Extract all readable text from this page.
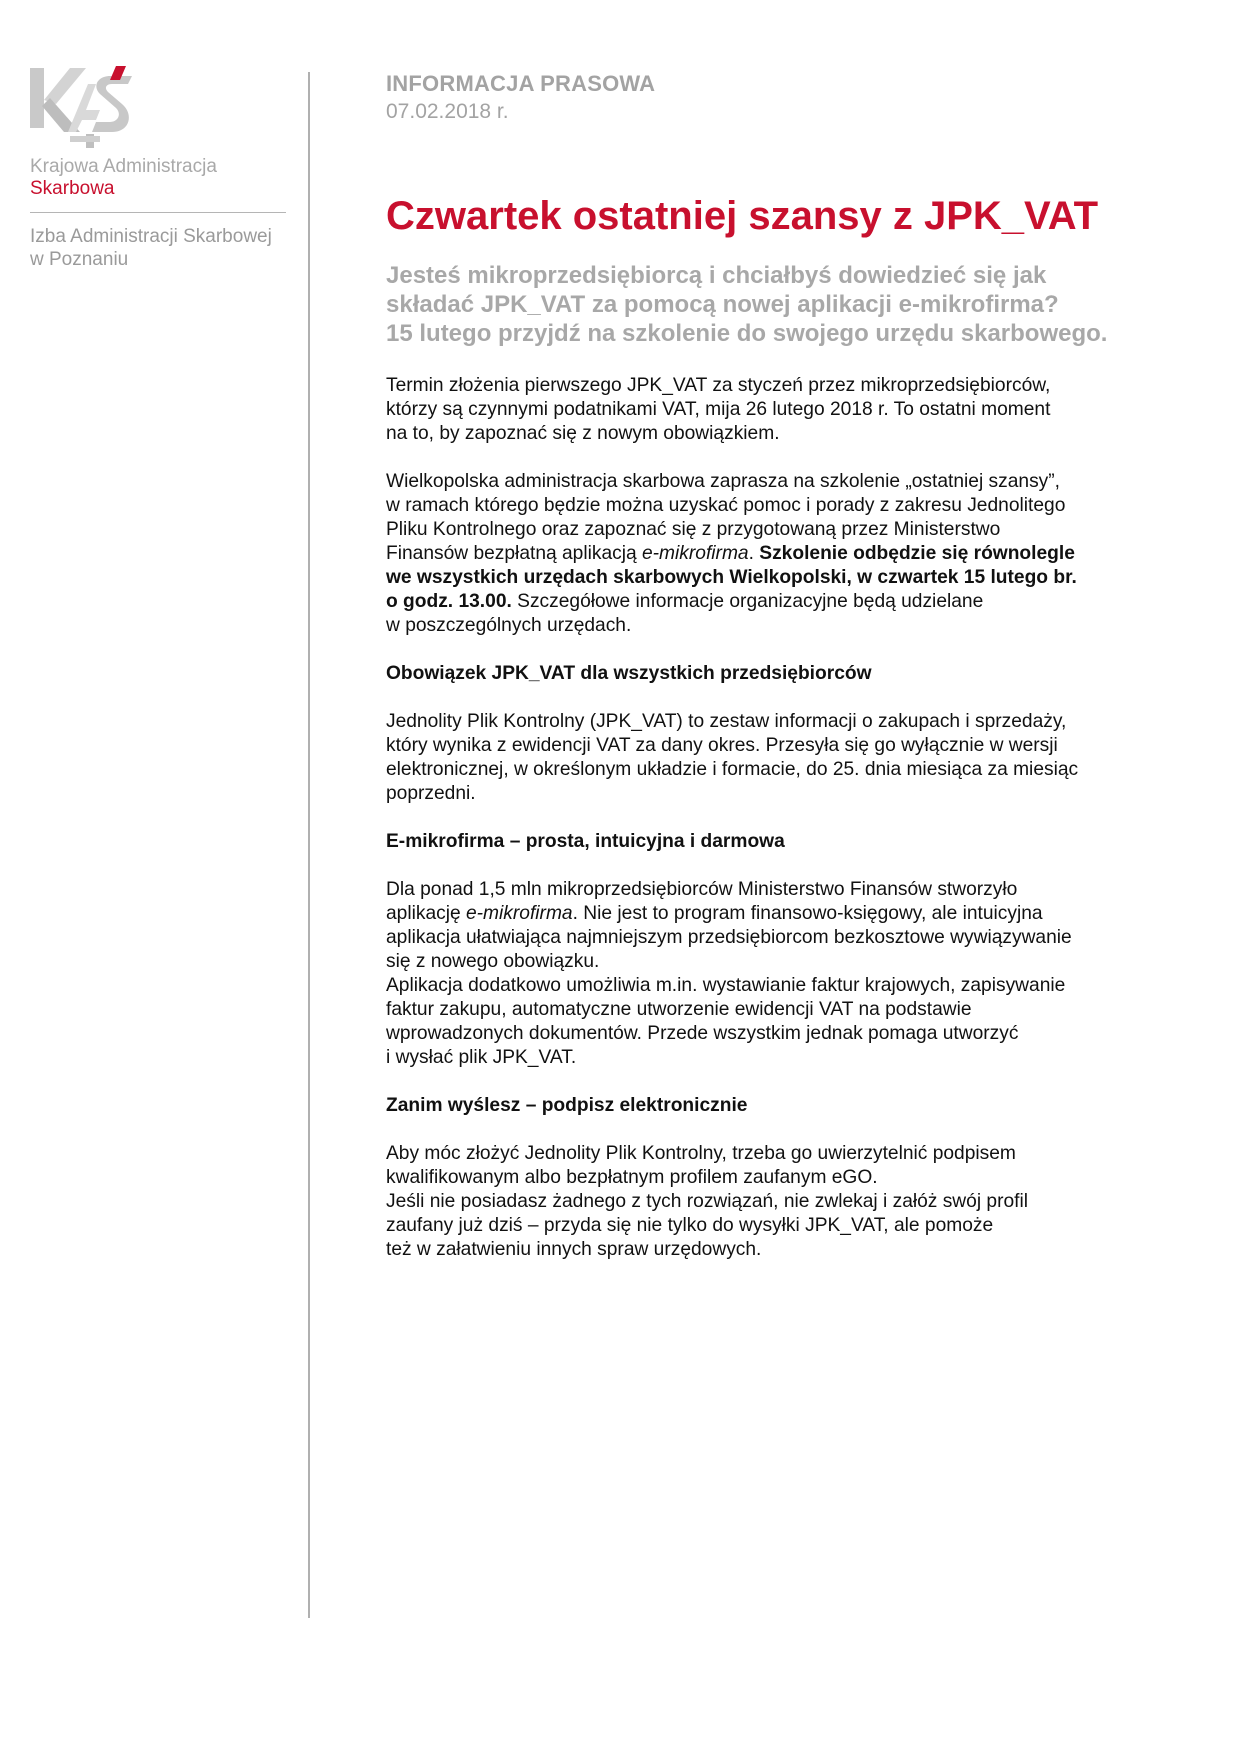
Krajowa Administracja
Skarbowa
Izba Administracji Skarbowej
w Poznaniu
INFORMACJA PRASOWA
07.02.2018 r.
Czwartek ostatniej szansy z JPK_VAT
Jesteś mikroprzedsiębiorcą i chciałbyś dowiedzieć się jak
składać JPK_VAT za pomocą nowej aplikacji e-mikrofirma?
15 lutego przyjdź na szkolenie do swojego urzędu skarbowego.
Termin złożenia pierwszego JPK_VAT za styczeń przez mikroprzedsiębiorców,
którzy są czynnymi podatnikami VAT, mija 26 lutego 2018 r. To ostatni moment
na to, by zapoznać się z nowym obowiązkiem.
Wielkopolska administracja skarbowa zaprasza na szkolenie „ostatniej szansy”,
w ramach którego będzie można uzyskać pomoc i porady z zakresu Jednolitego
Pliku Kontrolnego oraz zapoznać się z przygotowaną przez Ministerstwo
Finansów bezpłatną aplikacją e-mikrofirma. Szkolenie odbędzie się równolegle
we wszystkich urzędach skarbowych Wielkopolski, w czwartek 15 lutego br.
o godz. 13.00. Szczegółowe informacje organizacyjne będą udzielane
w poszczególnych urzędach.
Obowiązek JPK_VAT dla wszystkich przedsiębiorców
Jednolity Plik Kontrolny (JPK_VAT) to zestaw informacji o zakupach i sprzedaży,
który wynika z ewidencji VAT za dany okres. Przesyła się go wyłącznie w wersji
elektronicznej, w określonym układzie i formacie, do 25. dnia miesiąca za miesiąc
poprzedni.
E-mikrofirma – prosta, intuicyjna i darmowa
Dla ponad 1,5 mln mikroprzedsiębiorców Ministerstwo Finansów stworzyło
aplikację e-mikrofirma. Nie jest to program finansowo-księgowy, ale intuicyjna
aplikacja ułatwiająca najmniejszym przedsiębiorcom bezkosztowe wywiązywanie
się z nowego obowiązku.
Aplikacja dodatkowo umożliwia m.in. wystawianie faktur krajowych, zapisywanie
faktur zakupu, automatyczne utworzenie ewidencji VAT na podstawie
wprowadzonych dokumentów. Przede wszystkim jednak pomaga utworzyć
i wysłać plik JPK_VAT.
Zanim wyślesz – podpisz elektronicznie
Aby móc złożyć Jednolity Plik Kontrolny, trzeba go uwierzytelnić podpisem
kwalifikowanym albo bezpłatnym profilem zaufanym eGO.
Jeśli nie posiadasz żadnego z tych rozwiązań, nie zwlekaj i załóż swój profil
zaufany już dziś – przyda się nie tylko do wysyłki JPK_VAT, ale pomoże
też w załatwieniu innych spraw urzędowych.
